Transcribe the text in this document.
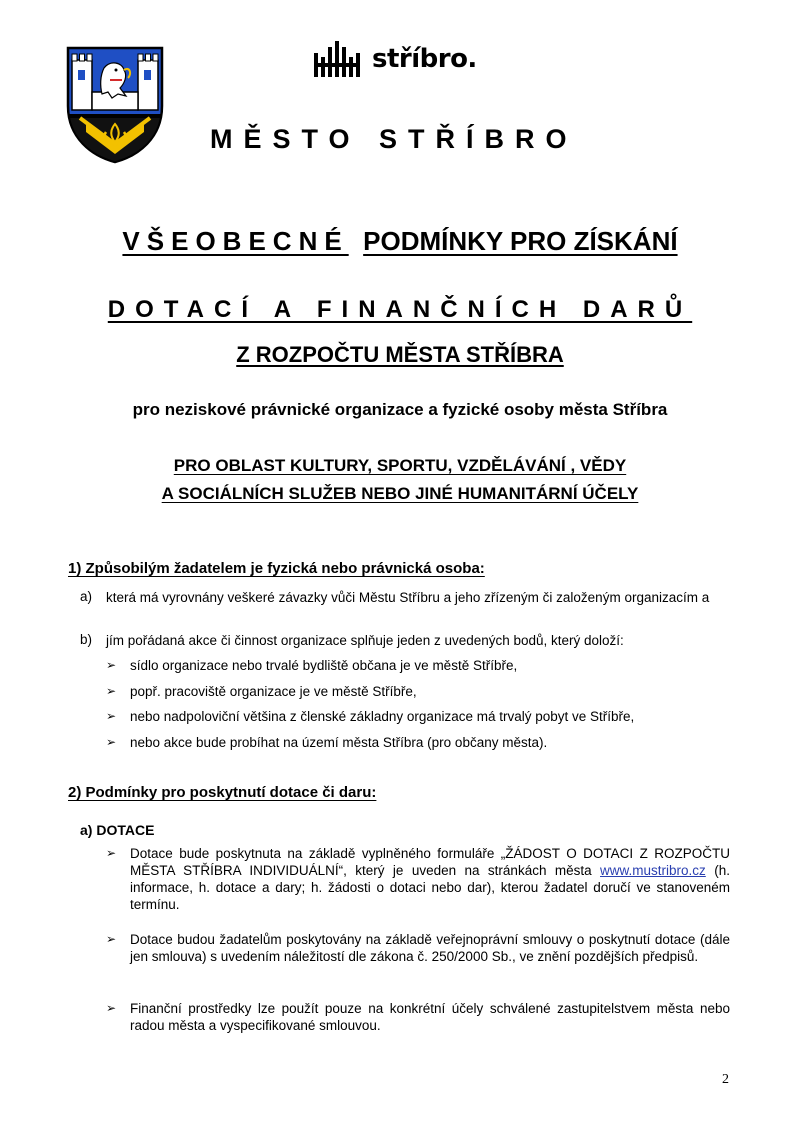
stříbro.
MĚSTO STŘÍBRO
VŠEOBECNÉ PODMÍNKY PRO ZÍSKÁNÍ
DOTACÍ A FINANČNÍCH DARŮ
Z ROZPOČTU MĚSTA STŘÍBRA
pro neziskové právnické organizace a fyzické osoby města Stříbra
PRO OBLAST KULTURY, SPORTU, VZDĚLÁVÁNÍ , VĚDY
A SOCIÁLNÍCH SLUŽEB NEBO JINÉ HUMANITÁRNÍ ÚČELY
1) Způsobilým žadatelem je fyzická nebo právnická osoba:
a) která má vyrovnány veškeré závazky vůči Městu Stříbru a jeho zřízeným či založeným organizacím a
b) jím pořádaná akce či činnost organizace splňuje jeden z uvedených bodů, který doloží:
➢ sídlo organizace nebo trvalé bydliště občana je ve městě Stříbře,
➢ popř. pracoviště organizace je ve městě Stříbře,
➢ nebo nadpoloviční většina z členské základny organizace má trvalý pobyt ve Stříbře,
➢ nebo akce bude probíhat na území města Stříbra (pro občany města).
2) Podmínky pro poskytnutí dotace či daru:
a) DOTACE
➢ Dotace bude poskytnuta na základě vyplněného formuláře „ŽÁDOST O DOTACI Z ROZPOČTU MĚSTA STŘÍBRA INDIVIDUÁLNÍ“, který je uveden na stránkách města www.mustribro.cz (h. informace, h. dotace a dary; h. žádosti o dotaci nebo dar), kterou žadatel doručí ve stanoveném termínu.
➢ Dotace budou žadatelům poskytovány na základě veřejnoprávní smlouvy o poskytnutí dotace (dále jen smlouva) s uvedením náležitostí dle zákona č. 250/2000 Sb., ve znění pozdějších předpisů.
➢ Finanční prostředky lze použít pouze na konkrétní účely schválené zastupitelstvem města nebo radou města a vyspecifikované smlouvou.
2
